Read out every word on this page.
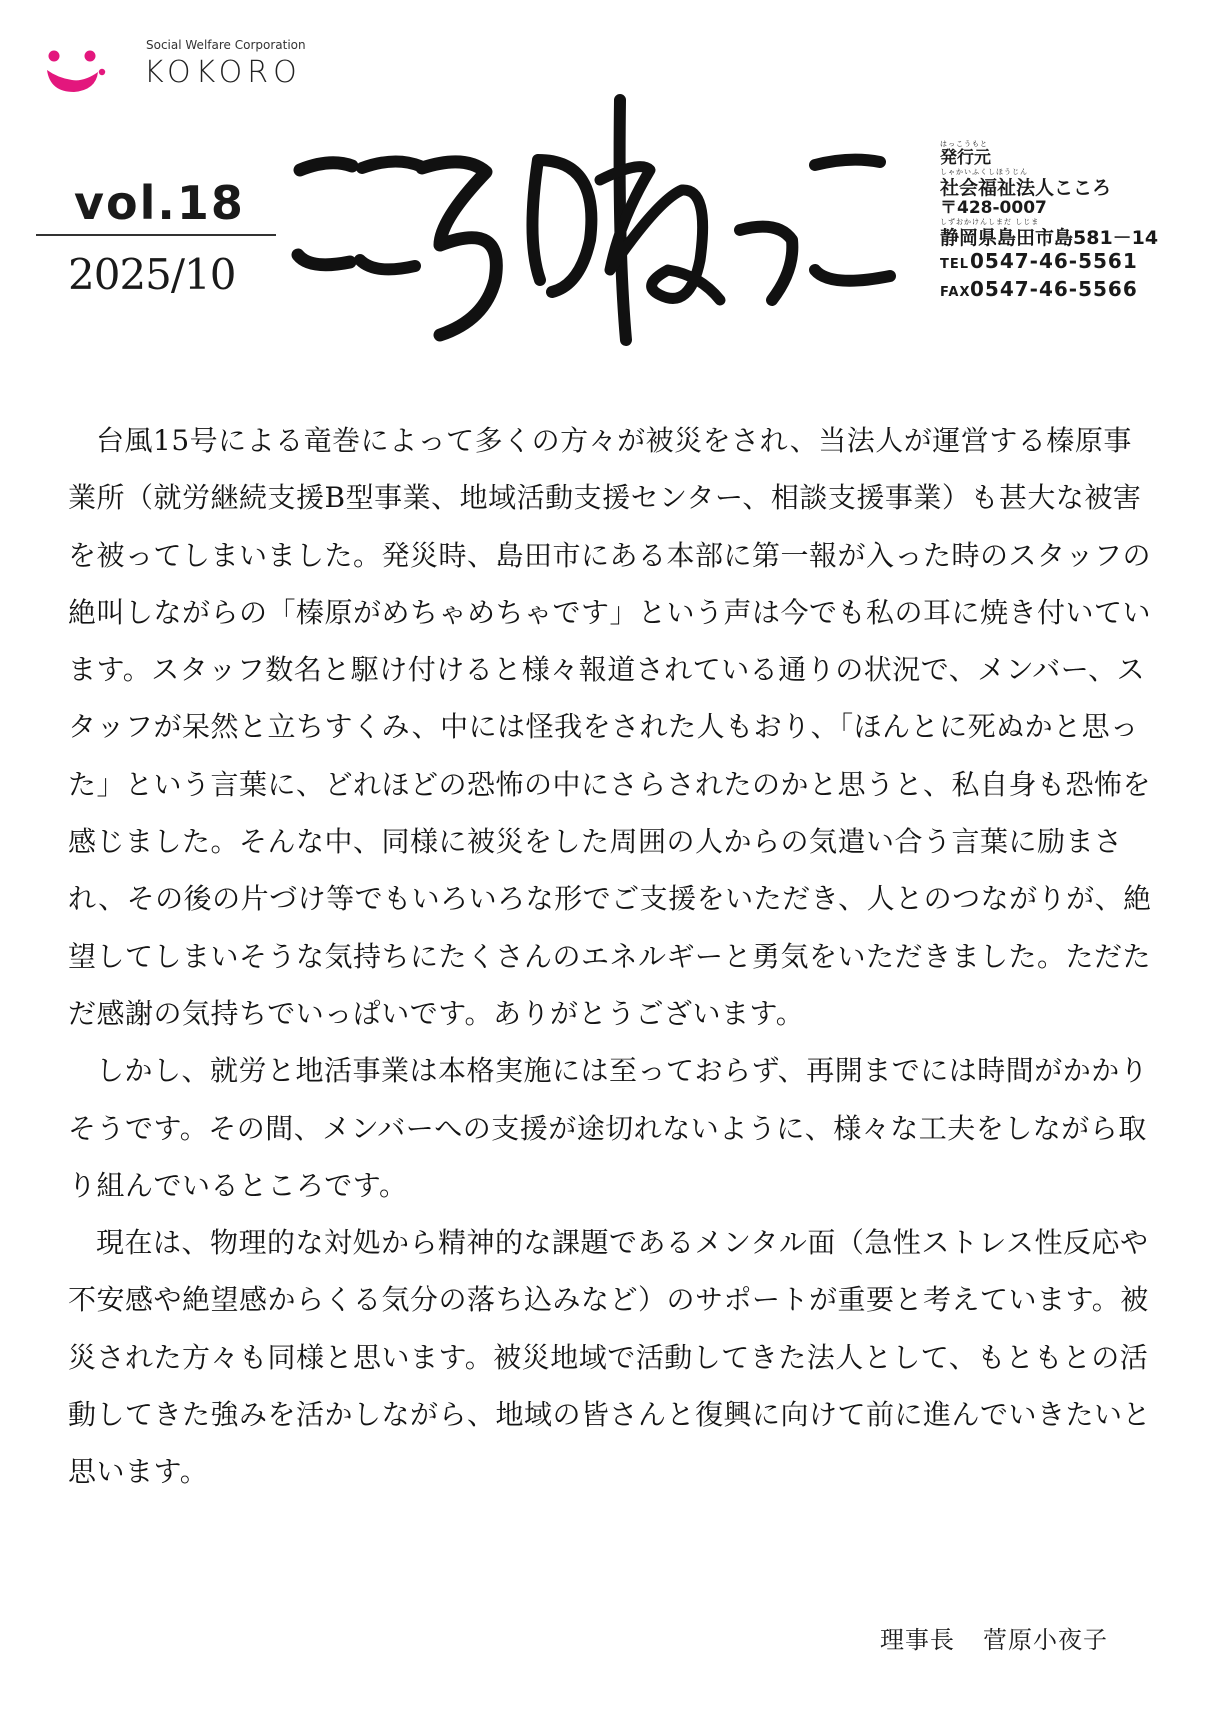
Social Welfare Corporation
KOKORO
vol.18
2025/10
はっこうもと
発行元
しゃかいふくしほうじん
社会福祉法人こころ
〒428-0007
しずおかけんしまだ しじま
静岡県島田市島581－14
TEL0547-46-5561
FAX0547-46-5566

台風15号による竜巻によって多くの方々が被災をされ、当法人が運営する榛原事業所（就労継続支援B型事業、地域活動支援センター、相談支援事業）も甚大な被害を被ってしまいました。発災時、島田市にある本部に第一報が入った時のスタッフの絶叫しながらの「榛原がめちゃめちゃです」という声は今でも私の耳に焼き付いています。スタッフ数名と駆け付けると様々報道されている通りの状況で、メンバー、スタッフが呆然と立ちすくみ、中には怪我をされた人もおり、「ほんとに死ぬかと思った」という言葉に、どれほどの恐怖の中にさらされたのかと思うと、私自身も恐怖を感じました。そんな中、同様に被災をした周囲の人からの気遣い合う言葉に励まされ、その後の片づけ等でもいろいろな形でご支援をいただき、人とのつながりが、絶望してしまいそうな気持ちにたくさんのエネルギーと勇気をいただきました。ただただ感謝の気持ちでいっぱいです。ありがとうございます。

しかし、就労と地活事業は本格実施には至っておらず、再開までには時間がかかりそうです。その間、メンバーへの支援が途切れないように、様々な工夫をしながら取り組んでいるところです。

現在は、物理的な対処から精神的な課題であるメンタル面（急性ストレス性反応や不安感や絶望感からくる気分の落ち込みなど）のサポートが重要と考えています。被災された方々も同様と思います。被災地域で活動してきた法人として、もともとの活動してきた強みを活かしながら、地域の皆さんと復興に向けて前に進んでいきたいと思います。

理事長 菅原小夜子
